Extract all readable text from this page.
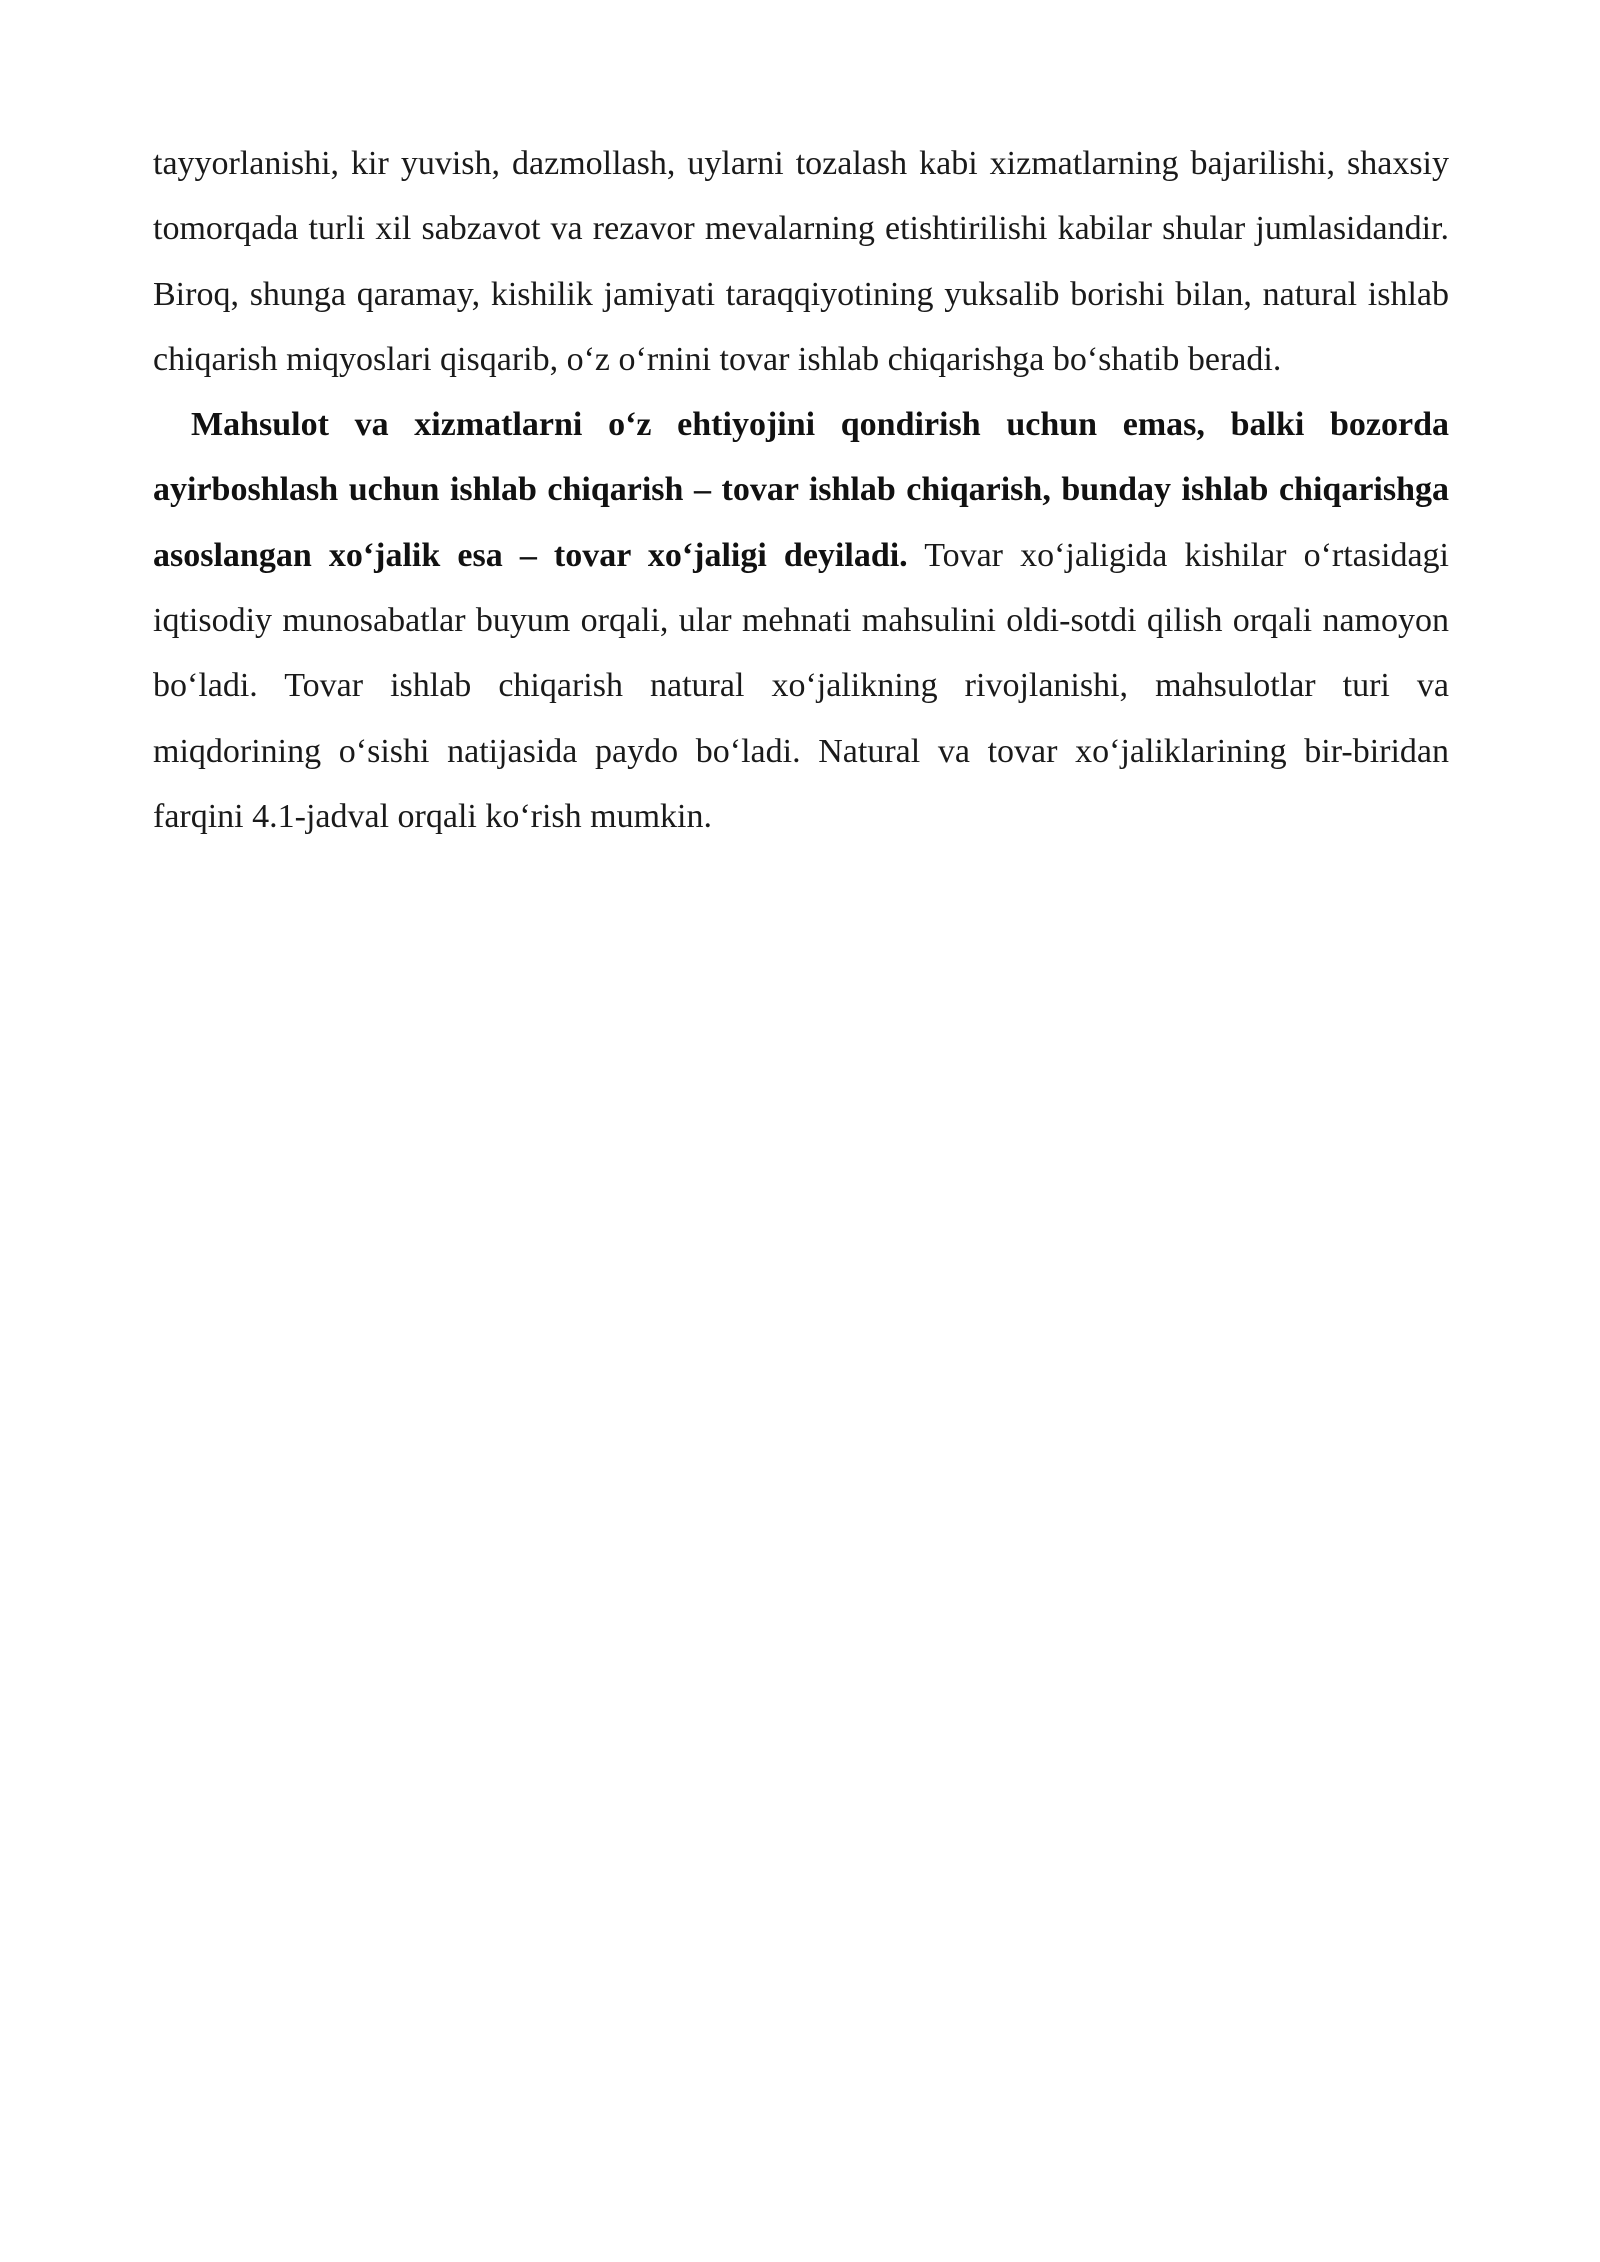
tayyorlanishi, kir yuvish, dazmollash, uylarni tozalash kabi xizmatlarning bajarilishi, shaxsiy tomorqada turli xil sabzavot va rezavor mevalarning etishtirilishi kabilar shular jumlasidandir. Biroq, shunga qaramay, kishilik jamiyati taraqqiyotining yuksalib borishi bilan, natural ishlab chiqarish miqyoslari qisqarib, o‘z o‘rnini tovar ishlab chiqarishga bo‘shatib beradi.

Mahsulot va xizmatlarni o‘z ehtiyojini qondirish uchun emas, balki bozorda ayirboshlash uchun ishlab chiqarish – tovar ishlab chiqarish, bunday ishlab chiqarishga asoslangan xo‘jalik esa – tovar xo‘jaligi deyiladi. Tovar xo‘jaligida kishilar o‘rtasidagi iqtisodiy munosabatlar buyum orqali, ular mehnati mahsulini oldi-sotdi qilish orqali namoyon bo‘ladi. Tovar ishlab chiqarish natural xo‘jalikning rivojlanishi, mahsulotlar turi va miqdorining o‘sishi natijasida paydo bo‘ladi. Natural va tovar xo‘jaliklarining bir-biridan farqini 4.1-jadval orqali ko‘rish mumkin.
